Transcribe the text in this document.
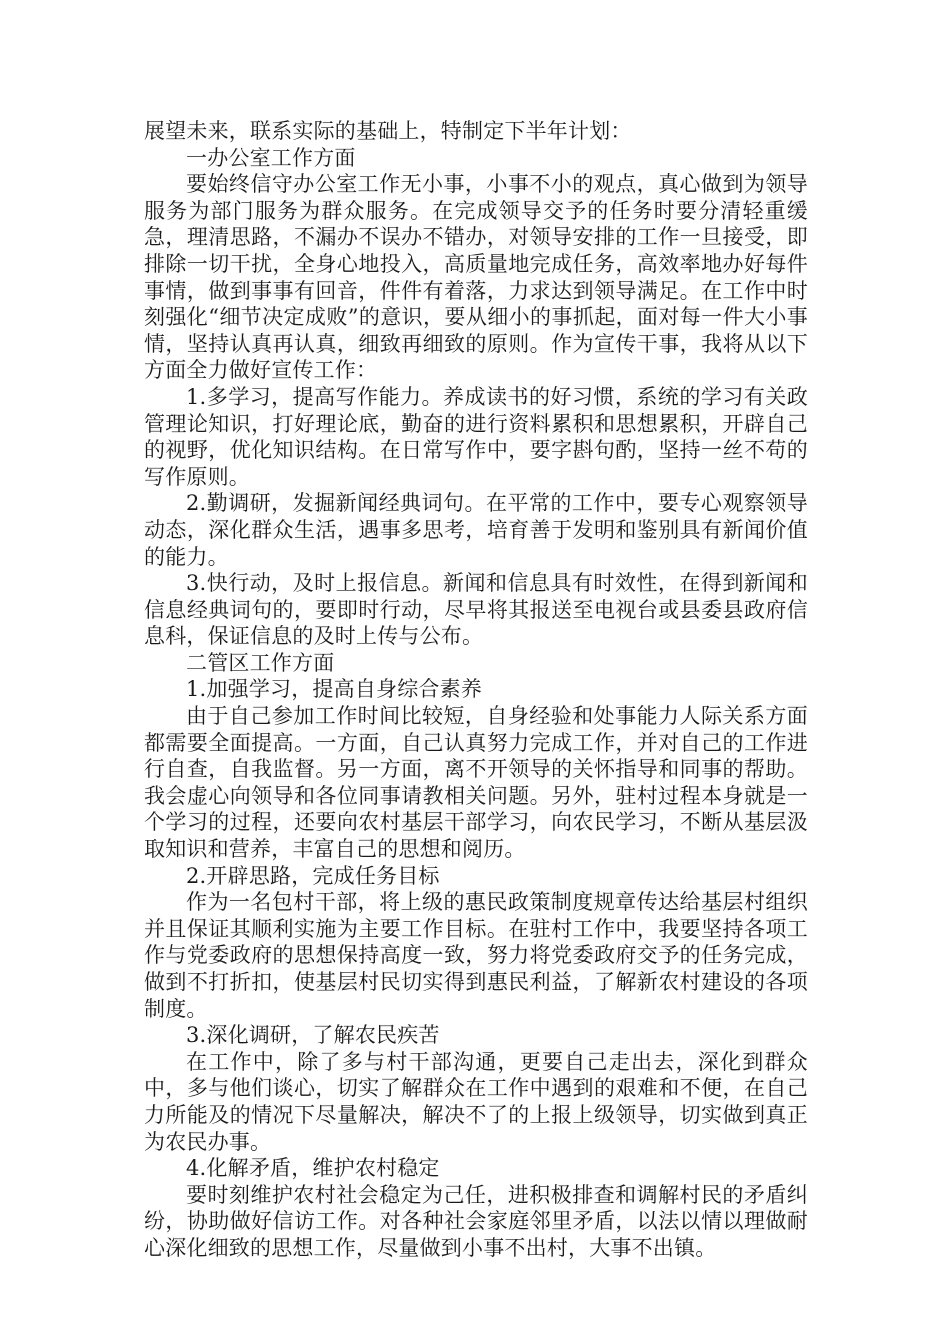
展望未来，联系实际的基础上，特制定下半年计划：

一办公室工作方面

要始终信守办公室工作无小事，小事不小的观点，真心做到为领导服务为部门服务为群众服务。在完成领导交予的任务时要分清轻重缓急，理清思路，不漏办不误办不错办，对领导安排的工作一旦接受，即排除一切干扰，全身心地投入，高质量地完成任务，高效率地办好每件事情，做到事事有回音，件件有着落，力求达到领导满足。在工作中时刻强化“细节决定成败”的意识，要从细小的事抓起，面对每一件大小事情，坚持认真再认真，细致再细致的原则。作为宣传干事，我将从以下方面全力做好宣传工作：

1.多学习，提高写作能力。养成读书的好习惯，系统的学习有关政管理论知识，打好理论底，勤奋的进行资料累积和思想累积，开辟自己的视野，优化知识结构。在日常写作中，要字斟句酌，坚持一丝不苟的写作原则。

2.勤调研，发掘新闻经典词句。在平常的工作中，要专心观察领导动态，深化群众生活，遇事多思考，培育善于发明和鉴别具有新闻价值的能力。

3.快行动，及时上报信息。新闻和信息具有时效性，在得到新闻和信息经典词句的，要即时行动，尽早将其报送至电视台或县委县政府信息科，保证信息的及时上传与公布。

二管区工作方面

1.加强学习，提高自身综合素养

由于自己参加工作时间比较短，自身经验和处事能力人际关系方面都需要全面提高。一方面，自己认真努力完成工作，并对自己的工作进行自查，自我监督。另一方面，离不开领导的关怀指导和同事的帮助。我会虚心向领导和各位同事请教相关问题。另外，驻村过程本身就是一个学习的过程，还要向农村基层干部学习，向农民学习，不断从基层汲取知识和营养，丰富自己的思想和阅历。

2.开辟思路，完成任务目标

作为一名包村干部，将上级的惠民政策制度规章传达给基层村组织并且保证其顺利实施为主要工作目标。在驻村工作中，我要坚持各项工作与党委政府的思想保持高度一致，努力将党委政府交予的任务完成，做到不打折扣，使基层村民切实得到惠民利益，了解新农村建设的各项制度。

3.深化调研，了解农民疾苦

在工作中，除了多与村干部沟通，更要自己走出去，深化到群众中，多与他们谈心，切实了解群众在工作中遇到的艰难和不便，在自己力所能及的情况下尽量解决，解决不了的上报上级领导，切实做到真正为农民办事。

4.化解矛盾，维护农村稳定

要时刻维护农村社会稳定为己任，进积极排查和调解村民的矛盾纠纷，协助做好信访工作。对各种社会家庭邻里矛盾，以法以情以理做耐心深化细致的思想工作，尽量做到小事不出村，大事不出镇。
